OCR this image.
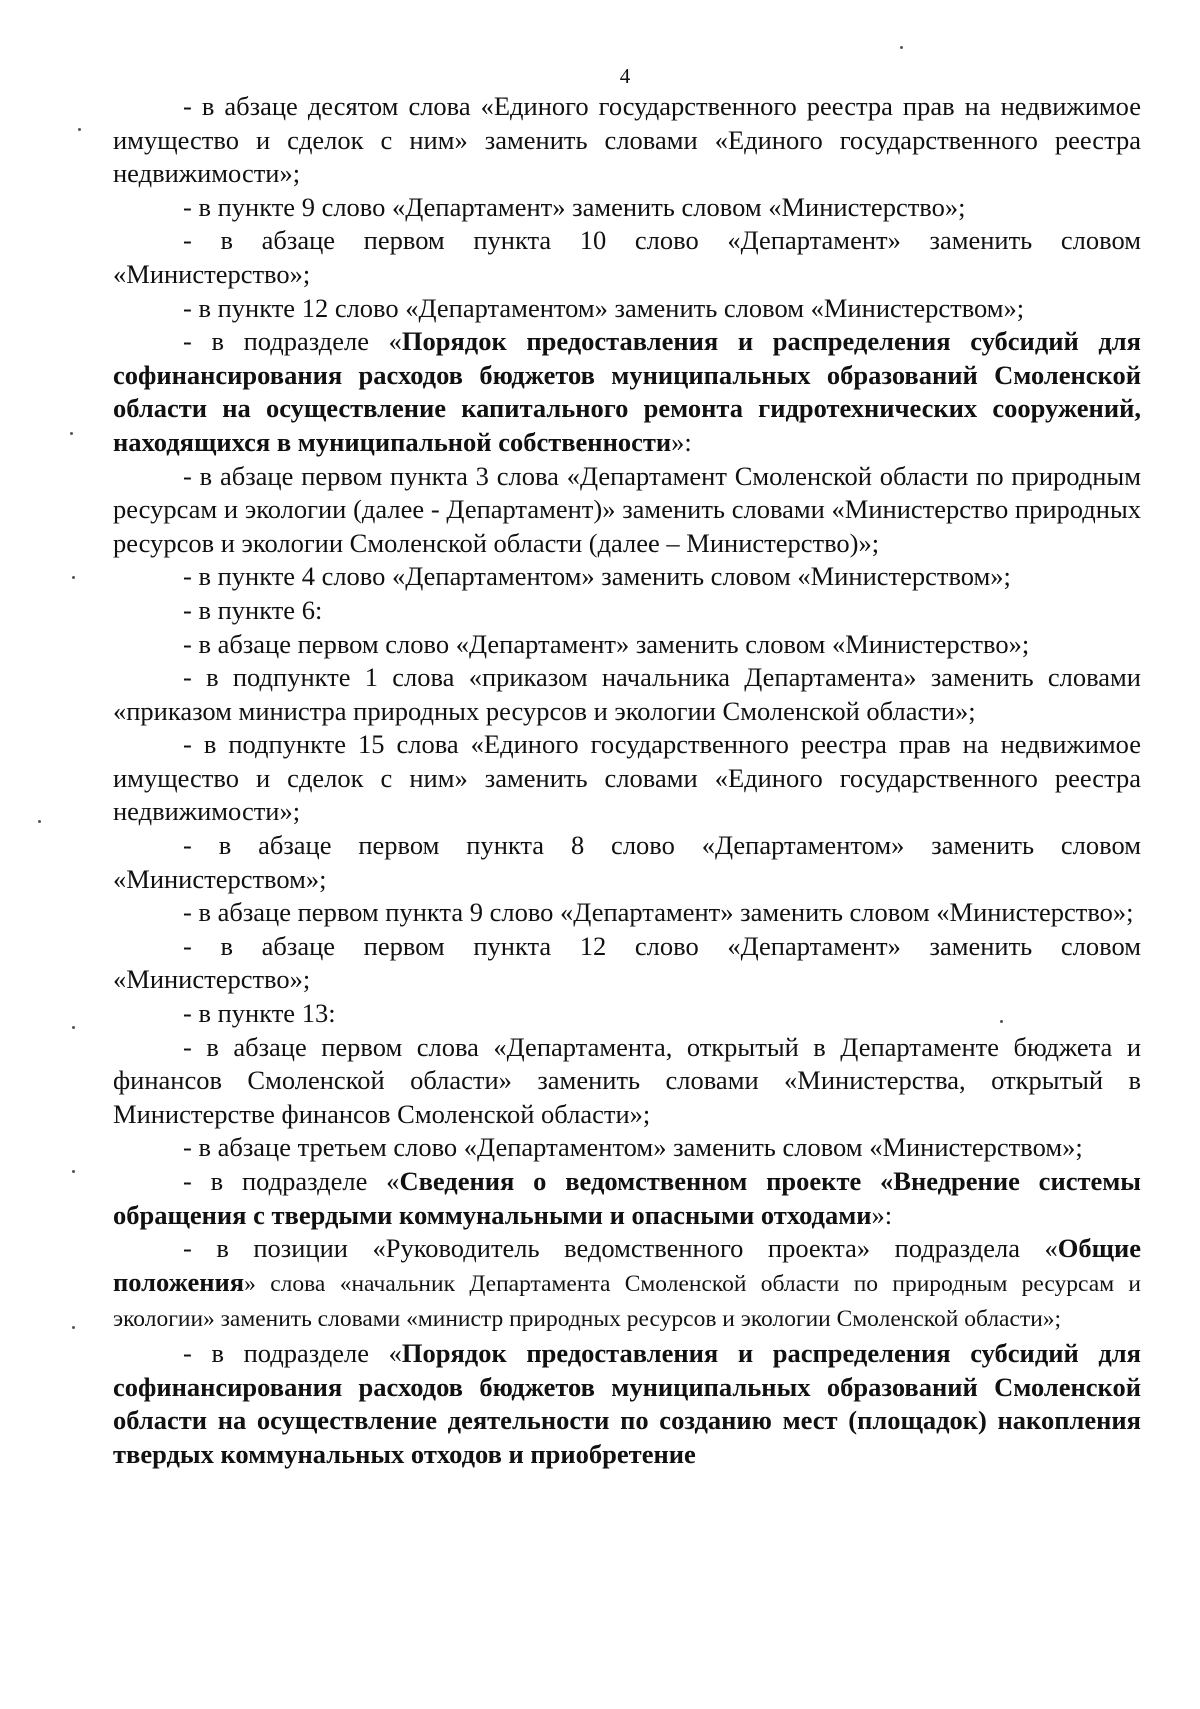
4

- в абзаце десятом слова «Единого государственного реестра прав на недвижимое имущество и сделок с ним» заменить словами «Единого государственного реестра недвижимости»;

- в пункте 9 слово «Департамент» заменить словом «Министерство»;

- в абзаце первом пункта 10 слово «Департамент» заменить словом «Министерство»;

- в пункте 12 слово «Департаментом» заменить словом «Министерством»;

- в подразделе «Порядок предоставления и распределения субсидий для софинансирования расходов бюджетов муниципальных образований Смоленской области на осуществление капитального ремонта гидротехнических сооружений, находящихся в муниципальной собственности»:

- в абзаце первом пункта 3 слова «Департамент Смоленской области по природным ресурсам и экологии (далее - Департамент)» заменить словами «Министерство природных ресурсов и экологии Смоленской области (далее – Министерство)»;

- в пункте 4 слово «Департаментом» заменить словом «Министерством»;

- в пункте 6:

- в абзаце первом слово «Департамент» заменить словом «Министерство»;

- в подпункте 1 слова «приказом начальника Департамента» заменить словами «приказом министра природных ресурсов и экологии Смоленской области»;

- в подпункте 15 слова «Единого государственного реестра прав на недвижимое имущество и сделок с ним» заменить словами «Единого государственного реестра недвижимости»;

- в абзаце первом пункта 8 слово «Департаментом» заменить словом «Министерством»;

- в абзаце первом пункта 9 слово «Департамент» заменить словом «Министерство»;

- в абзаце первом пункта 12 слово «Департамент» заменить словом «Министерство»;

- в пункте 13:

- в абзаце первом слова «Департамента, открытый в Департаменте бюджета и финансов Смоленской области» заменить словами «Министерства, открытый в Министерстве финансов Смоленской области»;

- в абзаце третьем слово «Департаментом» заменить словом «Министерством»;

- в подразделе «Сведения о ведомственном проекте «Внедрение системы обращения с твердыми коммунальными и опасными отходами»:

- в позиции «Руководитель ведомственного проекта» подраздела «Общие положения» слова «начальник Департамента Смоленской области по природным ресурсам и экологии» заменить словами «министр природных ресурсов и экологии Смоленской области»;

- в подразделе «Порядок предоставления и распределения субсидий для софинансирования расходов бюджетов муниципальных образований Смоленской области на осуществление деятельности по созданию мест (площадок) накопления твердых коммунальных отходов и приобретение
